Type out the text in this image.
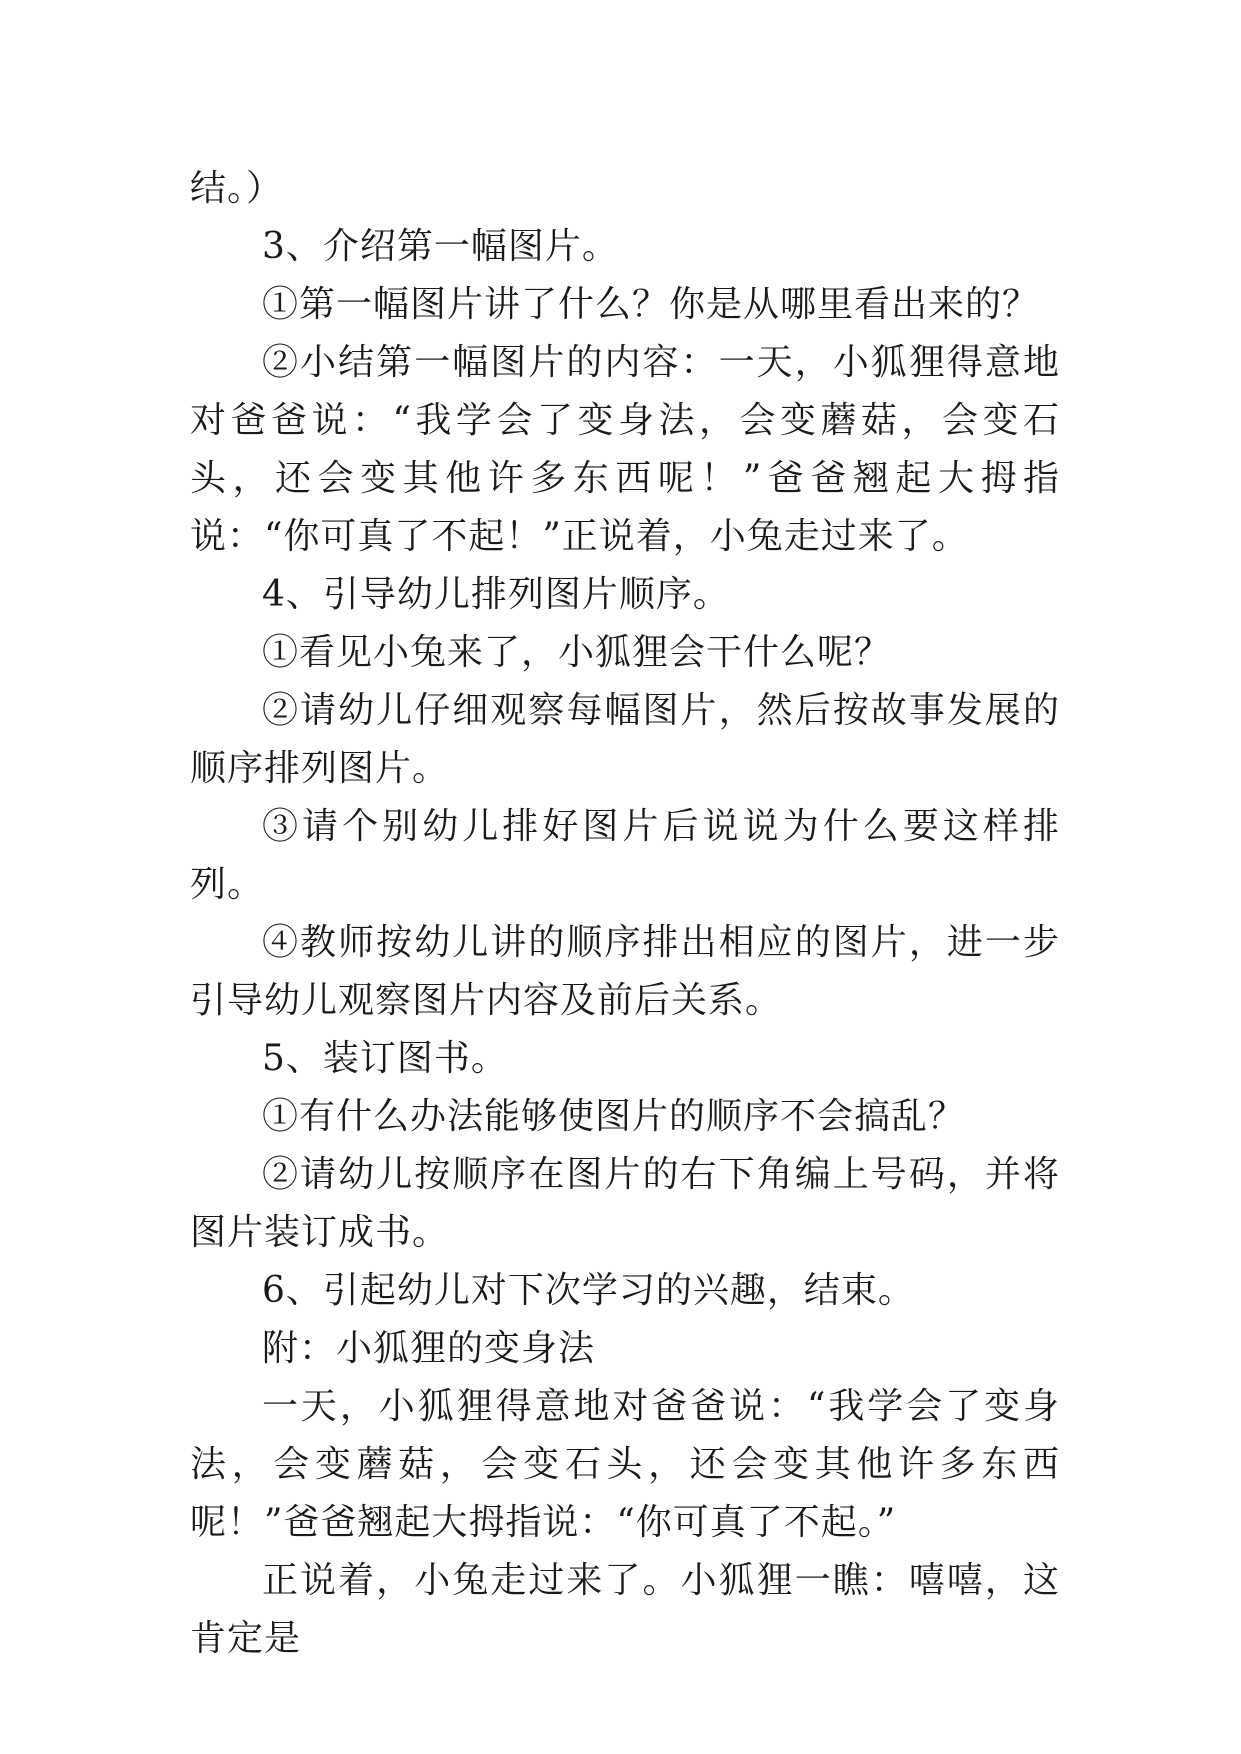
结。）

3、介绍第一幅图片。

①第一幅图片讲了什么？你是从哪里看出来的？

②小结第一幅图片的内容：一天，小狐狸得意地对爸爸说：“我学会了变身法，会变蘑菇，会变石头，还会变其他许多东西呢！”爸爸翘起大拇指说：“你可真了不起！”正说着，小兔走过来了。

4、引导幼儿排列图片顺序。

①看见小兔来了，小狐狸会干什么呢？

②请幼儿仔细观察每幅图片，然后按故事发展的顺序排列图片。

③请个别幼儿排好图片后说说为什么要这样排列。

④教师按幼儿讲的顺序排出相应的图片，进一步引导幼儿观察图片内容及前后关系。

5、装订图书。

①有什么办法能够使图片的顺序不会搞乱？

②请幼儿按顺序在图片的右下角编上号码，并将图片装订成书。

6、引起幼儿对下次学习的兴趣，结束。

附：小狐狸的变身法

一天，小狐狸得意地对爸爸说：“我学会了变身法，会变蘑菇，会变石头，还会变其他许多东西呢！”爸爸翘起大拇指说：“你可真了不起。”

正说着，小兔走过来了。小狐狸一瞧：嘻嘻，这肯定是
